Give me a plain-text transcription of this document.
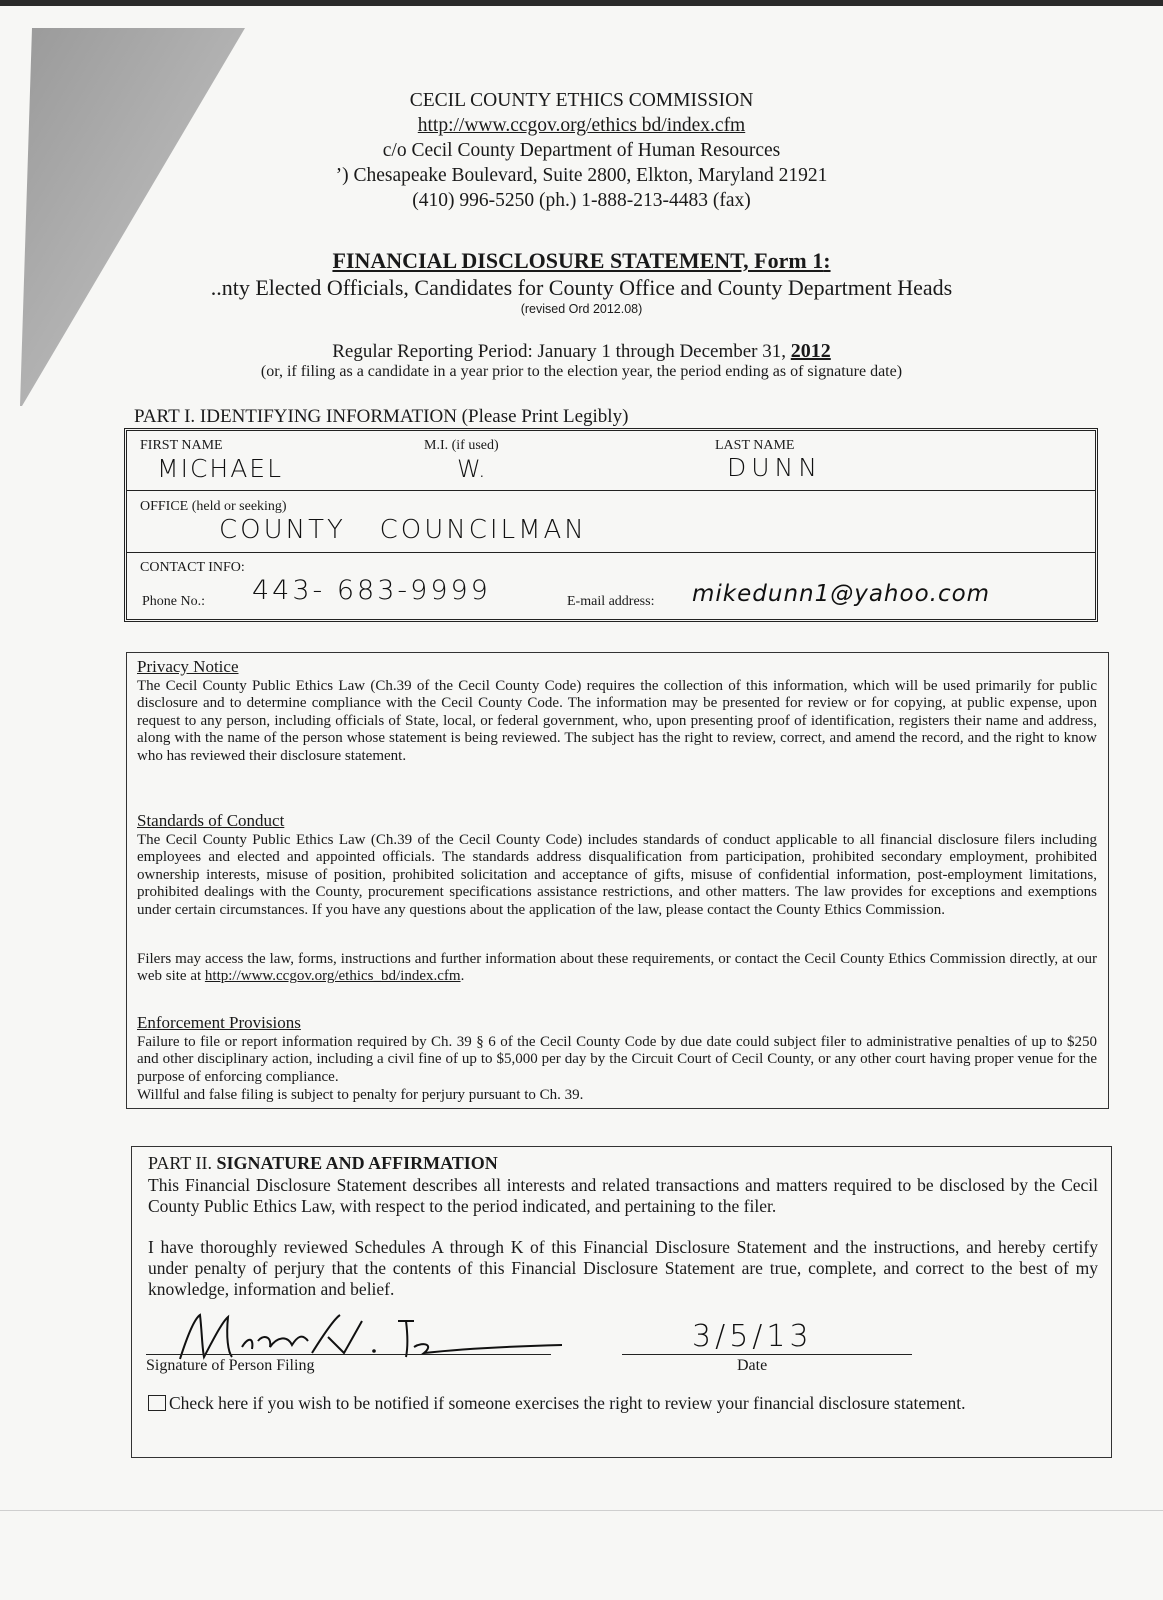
CECIL COUNTY ETHICS COMMISSION
http://www.ccgov.org/ethics bd/index.cfm
c/o Cecil County Department of Human Resources
’) Chesapeake Boulevard, Suite 2800, Elkton, Maryland 21921
(410) 996-5250 (ph.) 1-888-213-4483 (fax)
FINANCIAL DISCLOSURE STATEMENT, Form 1:
..nty Elected Officials, Candidates for County Office and County Department Heads
(revised Ord 2012.08)
Regular Reporting Period: January 1 through December 31, 2012
(or, if filing as a candidate in a year prior to the election year, the period ending as of signature date)
PART I. IDENTIFYING INFORMATION (Please Print Legibly)
FIRST NAME	M.I. (if used)	LAST NAME
MICHAEL	W.	DUNN
OFFICE (held or seeking)
COUNTY   COUNCILMAN
CONTACT INFO:
Phone No.: 443- 683-9999	E-mail address: mikedunn1@yahoo.com
Privacy Notice
The Cecil County Public Ethics Law (Ch.39 of the Cecil County Code) requires the collection of this information, which will be used primarily for public disclosure and to determine compliance with the Cecil County Code. The information may be presented for review or for copying, at public expense, upon request to any person, including officials of State, local, or federal government, who, upon presenting proof of identification, registers their name and address, along with the name of the person whose statement is being reviewed. The subject has the right to review, correct, and amend the record, and the right to know who has reviewed their disclosure statement.
Standards of Conduct
The Cecil County Public Ethics Law (Ch.39 of the Cecil County Code) includes standards of conduct applicable to all financial disclosure filers including employees and elected and appointed officials. The standards address disqualification from participation, prohibited secondary employment, prohibited ownership interests, misuse of position, prohibited solicitation and acceptance of gifts, misuse of confidential information, post-employment limitations, prohibited dealings with the County, procurement specifications assistance restrictions, and other matters. The law provides for exceptions and exemptions under certain circumstances. If you have any questions about the application of the law, please contact the County Ethics Commission.
Filers may access the law, forms, instructions and further information about these requirements, or contact the Cecil County Ethics Commission directly, at our web site at http://www.ccgov.org/ethics_bd/index.cfm.
Enforcement Provisions
Failure to file or report information required by Ch. 39 § 6 of the Cecil County Code by due date could subject filer to administrative penalties of up to $250 and other disciplinary action, including a civil fine of up to $5,000 per day by the Circuit Court of Cecil County, or any other court having proper venue for the purpose of enforcing compliance.
Willful and false filing is subject to penalty for perjury pursuant to Ch. 39.
PART II. SIGNATURE AND AFFIRMATION
This Financial Disclosure Statement describes all interests and related transactions and matters required to be disclosed by the Cecil County Public Ethics Law, with respect to the period indicated, and pertaining to the filer.
I have thoroughly reviewed Schedules A through K of this Financial Disclosure Statement and the instructions, and hereby certify under penalty of perjury that the contents of this Financial Disclosure Statement are true, complete, and correct to the best of my knowledge, information and belief.
Signature of Person Filing
3/5/13
Date
Check here if you wish to be notified if someone exercises the right to review your financial disclosure statement.
